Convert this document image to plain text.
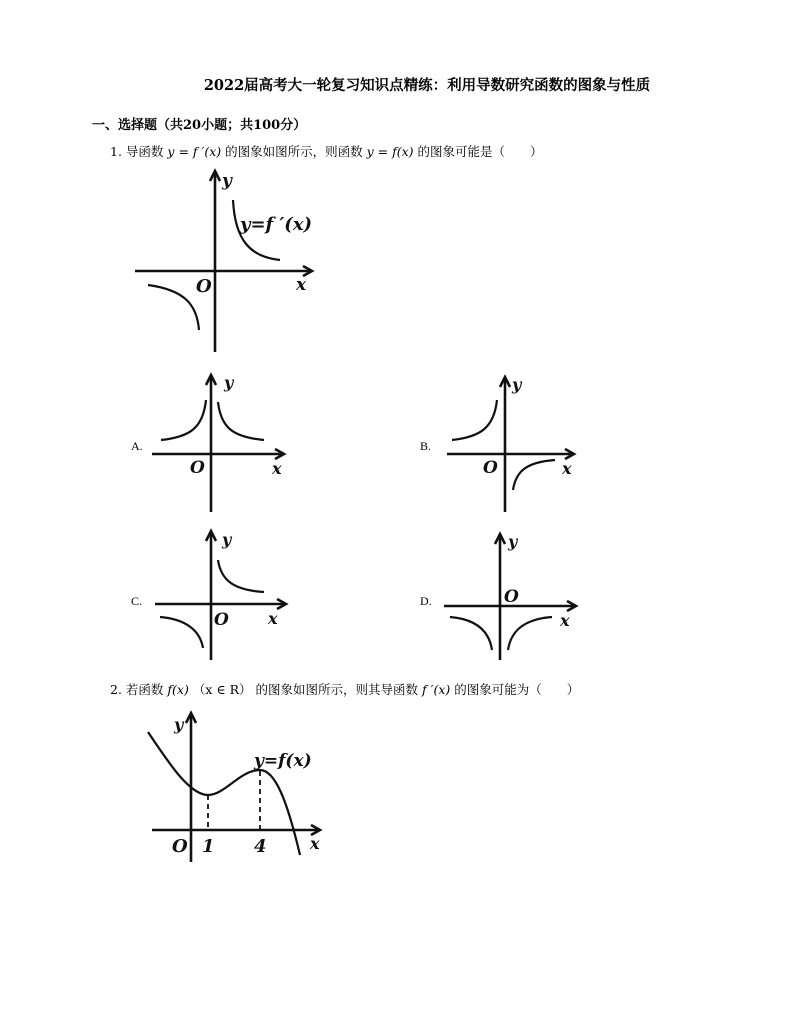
2022届高考大一轮复习知识点精练：利用导数研究函数的图象与性质
一、选择题（共20小题；共100分）
1. 导函数 y = f ′(x) 的图象如图所示，则函数 y = f(x) 的图象可能是（　　）
2. 若函数 f(x) （x ∈ R） 的图象如图所示，则其导函数 f ′(x) 的图象可能为（　　）
A.	B.
C.	D.
y=f ′(x)
y
x
O
y
x
O
y
x
O
y
x
O
y
x
O
y=f(x)
y
x
O 1 4
